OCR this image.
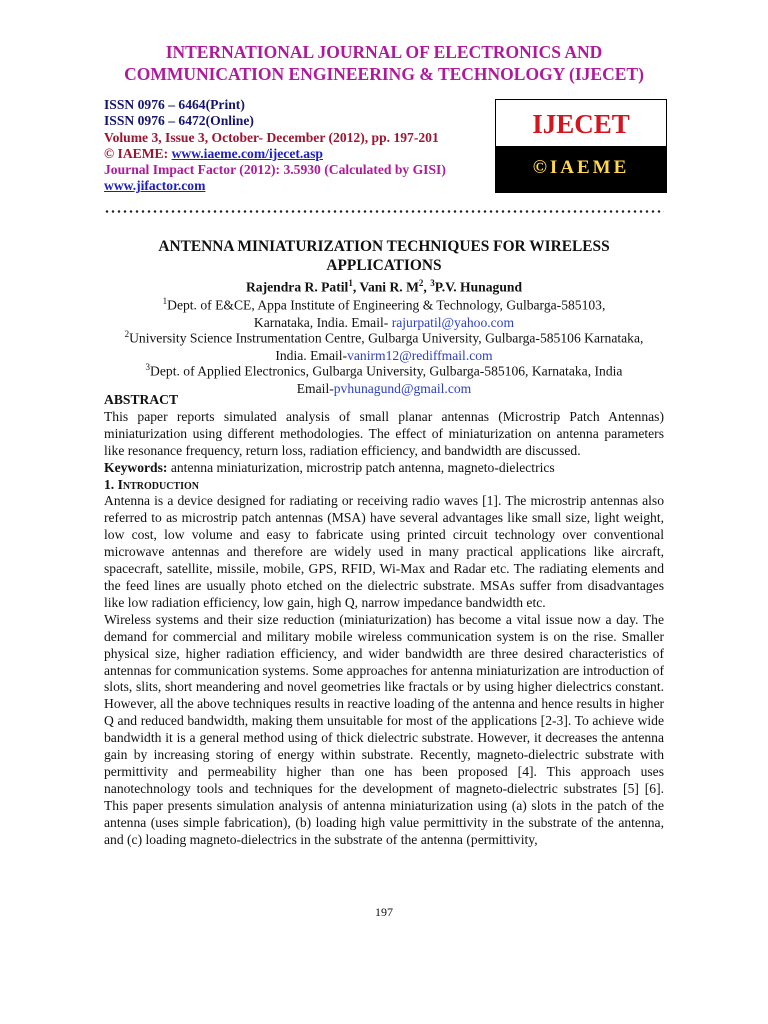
INTERNATIONAL JOURNAL OF ELECTRONICS AND
COMMUNICATION ENGINEERING & TECHNOLOGY (IJECET)
ISSN 0976 – 6464(Print)
ISSN 0976 – 6472(Online)
Volume 3, Issue 3, October- December (2012), pp. 197-201
© IAEME: www.iaeme.com/ijecet.asp
Journal Impact Factor (2012): 3.5930 (Calculated by GISI)
www.jifactor.com
IJECET
©IAEME
ANTENNA MINIATURIZATION TECHNIQUES FOR WIRELESS
APPLICATIONS
Rajendra R. Patil$^1$, Vani R. $M^2$, $^3$P.V. Hunagund
$^1$Dept. of E&CE, Appa Institute of Engineering & Technology, Gulbarga-585103,
Karnataka, India. Email- rajurpatil@yahoo.com
$^2$University Science Instrumentation Centre, Gulbarga University, Gulbarga-585106 Karnataka,
India. Email-vanirm12@rediffmail.com
$^3$Dept. of Applied Electronics, Gulbarga University, Gulbarga-585106, Karnataka, India
Email-pvhunagund@gmail.com
ABSTRACT

This paper reports simulated analysis of small planar antennas (Microstrip Patch Antennas) miniaturization using different methodologies. The effect of miniaturization on antenna parameters like resonance frequency, return loss, radiation efficiency, and bandwidth are discussed.

Keywords: antenna miniaturization, microstrip patch antenna, magneto-dielectrics

1. Introduction

Antenna is a device designed for radiating or receiving radio waves [1]. The microstrip antennas also referred to as microstrip patch antennas (MSA) have several advantages like small size, light weight, low cost, low volume and easy to fabricate using printed circuit technology over conventional microwave antennas and therefore are widely used in many practical applications like aircraft, spacecraft, satellite, missile, mobile, GPS, RFID, Wi-Max and Radar etc. The radiating elements and the feed lines are usually photo etched on the dielectric substrate. MSAs suffer from disadvantages like low radiation efficiency, low gain, high Q, narrow impedance bandwidth etc.

Wireless systems and their size reduction (miniaturization) has become a vital issue now a day. The demand for commercial and military mobile wireless communication system is on the rise. Smaller physical size, higher radiation efficiency, and wider bandwidth are three desired characteristics of antennas for communication systems. Some approaches for antenna miniaturization are introduction of slots, slits, short meandering and novel geometries like fractals or by using higher dielectrics constant. However, all the above techniques results in reactive loading of the antenna and hence results in higher Q and reduced bandwidth, making them unsuitable for most of the applications [2-3]. To achieve wide bandwidth it is a general method using of thick dielectric substrate. However, it decreases the antenna gain by increasing storing of energy within substrate. Recently, magneto-dielectric substrate with permittivity and permeability higher than one has been proposed [4]. This approach uses nanotechnology tools and techniques for the development of magneto-dielectric substrates [5] [6]. This paper presents simulation analysis of antenna miniaturization using (a) slots in the patch of the antenna (uses simple fabrication), (b) loading high value permittivity in the substrate of the antenna, and (c) loading magneto-dielectrics in the substrate of the antenna (permittivity,

197
